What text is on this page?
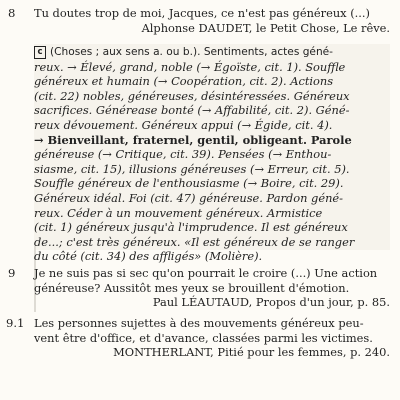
8	Tu doutes trop de moi, Jacques, ce n'est pas généreux (...)
Alphonse DAUDET, le Petit Chose, Le rêve.
c (Choses ; aux sens a. ou b.). Sentiments, actes géné-
reux. → Élevé, grand, noble (→ Égoïste, cit. 1). Souffle
généreux et humain (→ Coopération, cit. 2). Actions
(cit. 22) nobles, généreuses, désintéressées. Généreux
sacrifices. Générease bonté (→ Affabilité, cit. 2). Géné-
reux dévouement. Généreux appui (→ Égide, cit. 4).
→ Bienveillant, fraternel, gentil, obligeant. Parole
généreuse (→ Critique, cit. 39). Pensées (→ Enthou-
siasme, cit. 15), illusions généreuses (→ Erreur, cit. 5).
Souffle généreux de l'enthousiasme (→ Boire, cit. 29).
Généreux idéal. Foi (cit. 47) généreuse. Pardon géné-
reux. Céder à un mouvement généreux. Armistice
(cit. 1) généreux jusqu'à l'imprudence. Il est généreux
de...; c'est très généreux. «Il est généreux de se ranger
du côté (cit. 34) des affligés» (Molière).
9	Je ne suis pas si sec qu'on pourrait le croire (...) Une action
généreuse? Aussitôt mes yeux se brouillent d'émotion.
Paul LÉAUTAUD, Propos d'un jour, p. 85.
9.1 Les personnes sujettes à des mouvements généreux peu-
vent être d'office, et d'avance, classées parmi les victimes.
MONTHERLANT, Pitié pour les femmes, p. 240.
